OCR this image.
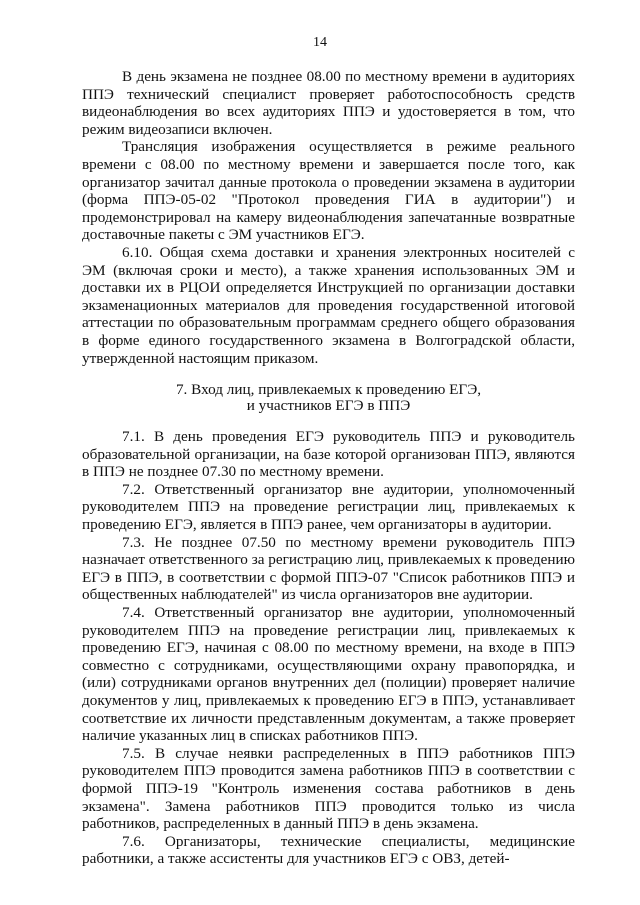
14

В день экзамена не позднее 08.00 по местному времени в аудиториях ППЭ технический специалист проверяет работоспособность средств видеонаблюдения во всех аудиториях ППЭ и удостоверяется в том, что режим видеозаписи включен.

Трансляция изображения осуществляется в режиме реального времени с 08.00 по местному времени и завершается после того, как организатор зачитал данные протокола о проведении экзамена в аудитории (форма ППЭ-05-02 "Протокол проведения ГИА в аудитории") и продемонстрировал на камеру видеонаблюдения запечатанные возвратные доставочные пакеты с ЭМ участников ЕГЭ.

6.10. Общая схема доставки и хранения электронных носителей с ЭМ (включая сроки и место), а также хранения использованных ЭМ и доставки их в РЦОИ определяется Инструкцией по организации доставки экзаменационных материалов для проведения государственной итоговой аттестации по образовательным программам среднего общего образования в форме единого государственного экзамена в Волгоградской области, утвержденной настоящим приказом.

7. Вход лиц, привлекаемых к проведению ЕГЭ,
и участников ЕГЭ в ППЭ

7.1. В день проведения ЕГЭ руководитель ППЭ и руководитель образовательной организации, на базе которой организован ППЭ, являются в ППЭ не позднее 07.30 по местному времени.

7.2. Ответственный организатор вне аудитории, уполномоченный руководителем ППЭ на проведение регистрации лиц, привлекаемых к проведению ЕГЭ, является в ППЭ ранее, чем организаторы в аудитории.

7.3. Не позднее 07.50 по местному времени руководитель ППЭ назначает ответственного за регистрацию лиц, привлекаемых к проведению ЕГЭ в ППЭ, в соответствии с формой ППЭ-07 "Список работников ППЭ и общественных наблюдателей" из числа организаторов вне аудитории.

7.4. Ответственный организатор вне аудитории, уполномоченный руководителем ППЭ на проведение регистрации лиц, привлекаемых к проведению ЕГЭ, начиная с 08.00 по местному времени, на входе в ППЭ совместно с сотрудниками, осуществляющими охрану правопорядка, и (или) сотрудниками органов внутренних дел (полиции) проверяет наличие документов у лиц, привлекаемых к проведению ЕГЭ в ППЭ, устанавливает соответствие их личности представленным документам, а также проверяет наличие указанных лиц в списках работников ППЭ.

7.5. В случае неявки распределенных в ППЭ работников ППЭ руководителем ППЭ проводится замена работников ППЭ в соответствии с формой ППЭ-19 "Контроль изменения состава работников в день экзамена". Замена работников ППЭ проводится только из числа работников, распределенных в данный ППЭ в день экзамена.

7.6. Организаторы, технические специалисты, медицинские работники, а также ассистенты для участников ЕГЭ с ОВЗ, детей-
